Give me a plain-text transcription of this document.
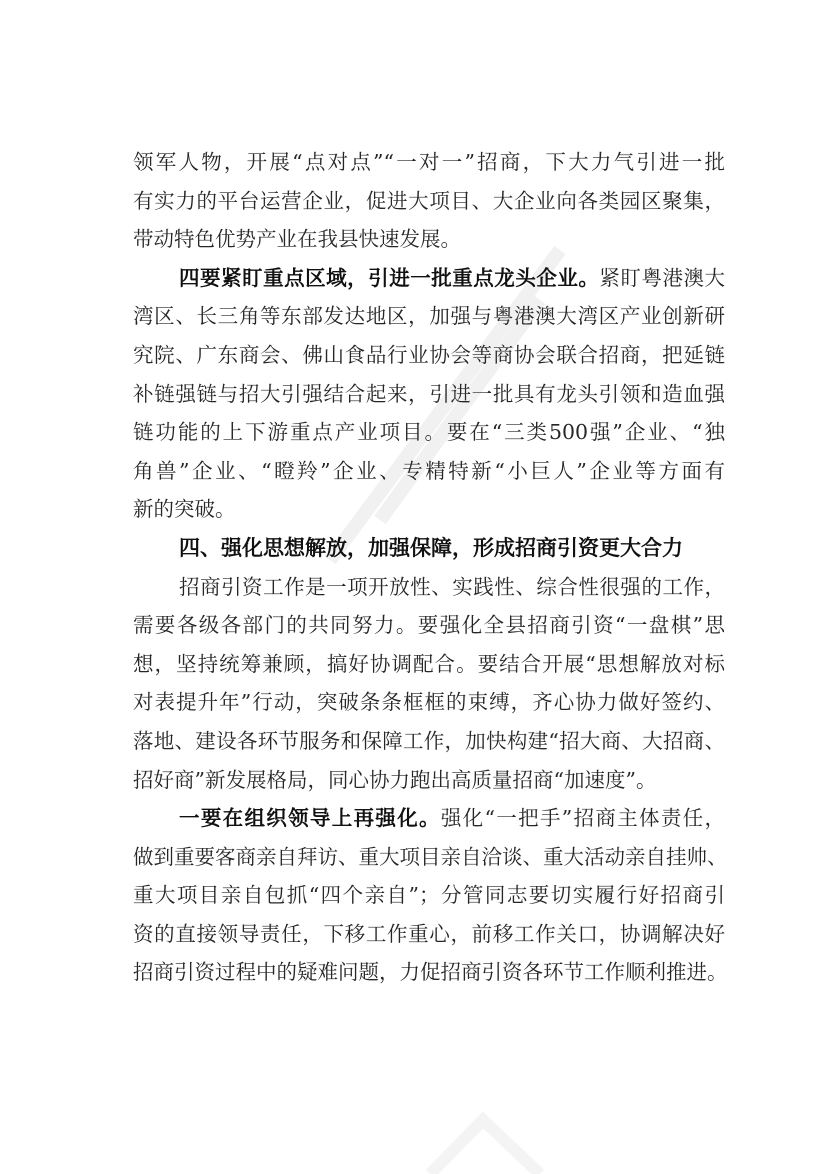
领军人物，开展“点对点”“一对一”招商，下大力气引进一批
有实力的平台运营企业，促进大项目、大企业向各类园区聚集，
带动特色优势产业在我县快速发展。
四要紧盯重点区域，引进一批重点龙头企业。紧盯粤港澳大
湾区、长三角等东部发达地区，加强与粤港澳大湾区产业创新研
究院、广东商会、佛山食品行业协会等商协会联合招商，把延链
补链强链与招大引强结合起来，引进一批具有龙头引领和造血强
链功能的上下游重点产业项目。要在“三类500强”企业、“独
角兽”企业、“瞪羚”企业、专精特新“小巨人”企业等方面有
新的突破。
四、强化思想解放，加强保障，形成招商引资更大合力
招商引资工作是一项开放性、实践性、综合性很强的工作，
需要各级各部门的共同努力。要强化全县招商引资“一盘棋”思
想，坚持统筹兼顾，搞好协调配合。要结合开展“思想解放对标
对表提升年”行动，突破条条框框的束缚，齐心协力做好签约、
落地、建设各环节服务和保障工作，加快构建“招大商、大招商、
招好商”新发展格局，同心协力跑出高质量招商“加速度”。
一要在组织领导上再强化。强化“一把手”招商主体责任，
做到重要客商亲自拜访、重大项目亲自洽谈、重大活动亲自挂帅、
重大项目亲自包抓“四个亲自”；分管同志要切实履行好招商引
资的直接领导责任，下移工作重心，前移工作关口，协调解决好
招商引资过程中的疑难问题，力促招商引资各环节工作顺利推进。
